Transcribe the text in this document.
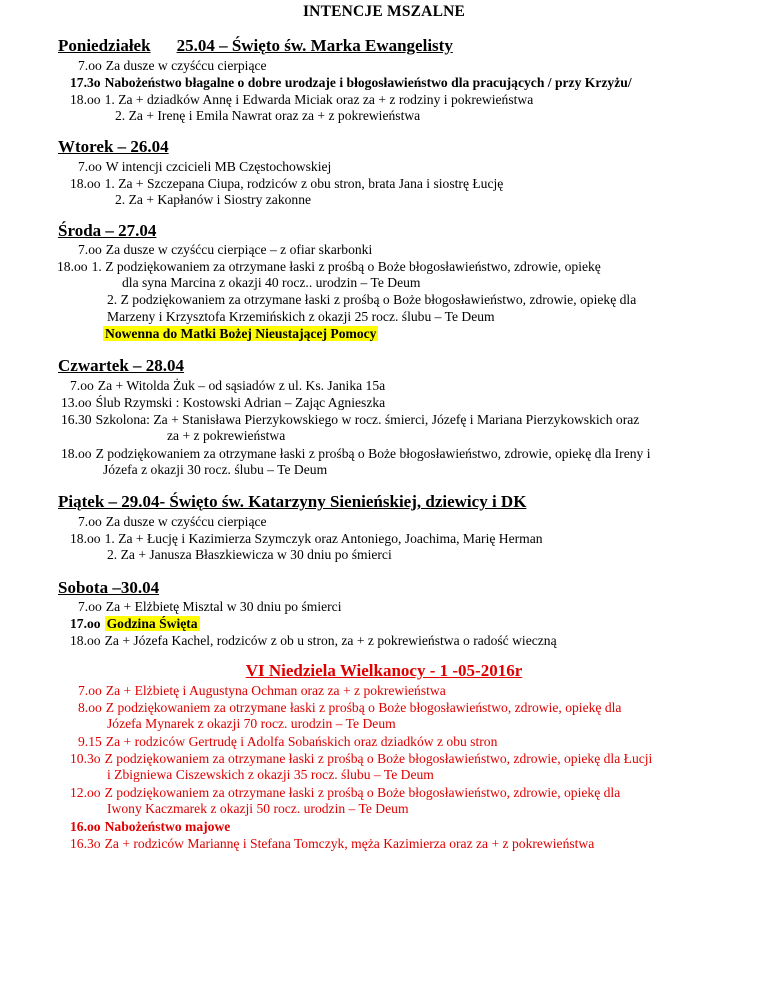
INTENCJE MSZALNE
Poniedziałek 25.04 – Święto św. Marka Ewangelisty
7.oo Za dusze w czyśćcu cierpiące
17.3o Nabożeństwo błagalne o dobre urodzaje i błogosławieństwo dla pracujących / przy Krzyżu/
18.oo 1. Za + dziadków Annę i Edwarda Miciak oraz za + z rodziny i pokrewieństwa
2. Za + Irenę i Emila Nawrat oraz za + z pokrewieństwa
Wtorek – 26.04
7.oo W intencji czcicieli MB Częstochowskiej
18.oo 1. Za + Szczepana Ciupa, rodziców z obu stron, brata Jana i siostrę Łucję
2. Za + Kapłanów i Siostry zakonne
Środa – 27.04
7.oo Za dusze w czyśćcu cierpiące – z ofiar skarbonki
18.oo 1. Z podziękowaniem za otrzymane łaski z prośbą o Boże błogosławieństwo, zdrowie, opiekę
dla syna Marcina z okazji 40 rocz.. urodzin – Te Deum
2. Z podziękowaniem za otrzymane łaski z prośbą o Boże błogosławieństwo, zdrowie, opiekę dla
Marzeny i Krzysztofa Krzemińskich z okazji 25 rocz. ślubu – Te Deum
Nowenna do Matki Bożej Nieustającej Pomocy
Czwartek – 28.04
7.oo Za + Witolda Żuk – od sąsiadów z ul. Ks. Janika 15a
13.oo Ślub Rzymski : Kostowski Adrian – Zając Agnieszka
16.30 Szkolona: Za + Stanisława Pierzykowskiego w rocz. śmierci, Józefę i Mariana Pierzykowskich oraz
za + z pokrewieństwa
18.oo Z podziękowaniem za otrzymane łaski z prośbą o Boże błogosławieństwo, zdrowie, opiekę dla Ireny i
Józefa z okazji 30 rocz. ślubu – Te Deum
Piątek – 29.04- Święto św. Katarzyny Sienieńskiej, dziewicy i DK
7.oo Za dusze w czyśćcu cierpiące
18.oo 1. Za + Łucję i Kazimierza Szymczyk oraz Antoniego, Joachima, Marię Herman
2. Za + Janusza Błaszkiewicza w 30 dniu po śmierci
Sobota –30.04
7.oo Za + Elżbietę Misztal w 30 dniu po śmierci
17.oo Godzina Święta
18.oo Za + Józefa Kachel, rodziców z ob u stron, za + z pokrewieństwa o radość wieczną
VI Niedziela Wielkanocy - 1 -05-2016r
7.oo Za + Elżbietę i Augustyna Ochman oraz za + z pokrewieństwa
8.oo Z podziękowaniem za otrzymane łaski z prośbą o Boże błogosławieństwo, zdrowie, opiekę dla
Józefa Mynarek z okazji 70 rocz. urodzin – Te Deum
9.15 Za + rodziców Gertrudę i Adolfa Sobańskich oraz dziadków z obu stron
10.3o Z podziękowaniem za otrzymane łaski z prośbą o Boże błogosławieństwo, zdrowie, opiekę dla Łucji
i Zbigniewa Ciszewskich z okazji 35 rocz. ślubu – Te Deum
12.oo Z podziękowaniem za otrzymane łaski z prośbą o Boże błogosławieństwo, zdrowie, opiekę dla
Iwony Kaczmarek z okazji 50 rocz. urodzin – Te Deum
16.oo Nabożeństwo majowe
16.3o Za + rodziców Mariannę i Stefana Tomczyk, męża Kazimierza oraz za + z pokrewieństwa
